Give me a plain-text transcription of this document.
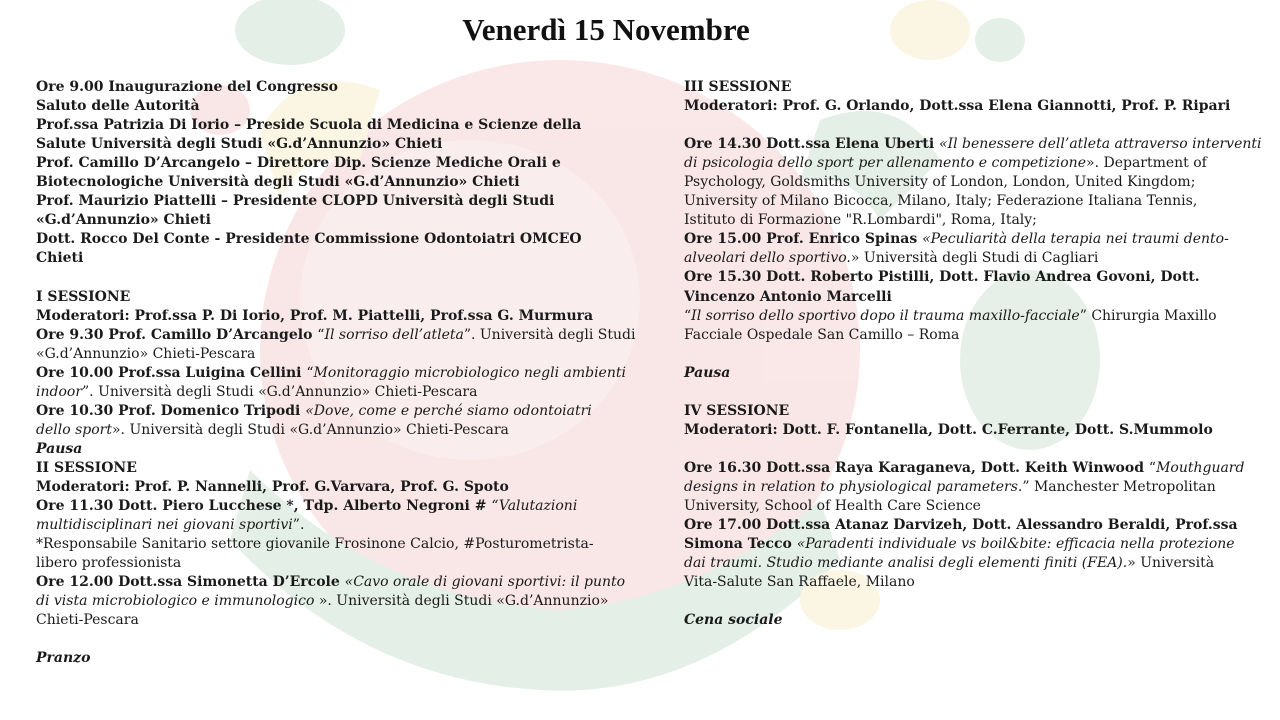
Venerdì 15 Novembre
Ore 9.00 Inaugurazione del Congresso
Saluto delle Autorità
Prof.ssa Patrizia Di Iorio – Preside Scuola di Medicina e Scienze della
Salute Università degli Studi «G.d’Annunzio» Chieti
Prof. Camillo D’Arcangelo – Direttore Dip. Scienze Mediche Orali e
Biotecnologiche Università degli Studi «G.d’Annunzio» Chieti
Prof. Maurizio Piattelli – Presidente CLOPD Università degli Studi
«G.d’Annunzio» Chieti
Dott. Rocco Del Conte - Presidente Commissione Odontoiatri OMCEO
Chieti
I SESSIONE
Moderatori: Prof.ssa P. Di Iorio, Prof. M. Piattelli, Prof.ssa G. Murmura
Ore 9.30 Prof. Camillo D’Arcangelo “Il sorriso dell’atleta”. Università degli Studi
«G.d’Annunzio» Chieti-Pescara
Ore 10.00 Prof.ssa Luigina Cellini “Monitoraggio microbiologico negli ambienti
indoor”. Università degli Studi «G.d’Annunzio» Chieti-Pescara
Ore 10.30 Prof. Domenico Tripodi «Dove, come e perché siamo odontoiatri
dello sport». Università degli Studi «G.d’Annunzio» Chieti-Pescara
Pausa
II SESSIONE
Moderatori: Prof. P. Nannelli, Prof. G.Varvara, Prof. G. Spoto
Ore 11.30 Dott. Piero Lucchese *, Tdp. Alberto Negroni # “Valutazioni
multidisciplinari nei giovani sportivi”.
*Responsabile Sanitario settore giovanile Frosinone Calcio, #Posturometrista-
libero professionista
Ore 12.00 Dott.ssa Simonetta D’Ercole «Cavo orale di giovani sportivi: il punto
di vista microbiologico e immunologico ». Università degli Studi «G.d’Annunzio»
Chieti-Pescara
Pranzo
III SESSIONE
Moderatori: Prof. G. Orlando, Dott.ssa Elena Giannotti, Prof. P. Ripari
Ore 14.30 Dott.ssa Elena Uberti «Il benessere dell’atleta attraverso interventi
di psicologia dello sport per allenamento e competizione». Department of
Psychology, Goldsmiths University of London, London, United Kingdom;
University of Milano Bicocca, Milano, Italy; Federazione Italiana Tennis,
Istituto di Formazione "R.Lombardi", Roma, Italy;
Ore 15.00 Prof. Enrico Spinas «Peculiarità della terapia nei traumi dento-
alveolari dello sportivo.» Università degli Studi di Cagliari
Ore 15.30 Dott. Roberto Pistilli, Dott. Flavio Andrea Govoni, Dott.
Vincenzo Antonio Marcelli
“Il sorriso dello sportivo dopo il trauma maxillo-facciale” Chirurgia Maxillo
Facciale Ospedale San Camillo – Roma
Pausa
IV SESSIONE
Moderatori: Dott. F. Fontanella, Dott. C.Ferrante, Dott. S.Mummolo
Ore 16.30 Dott.ssa Raya Karaganeva, Dott. Keith Winwood “Mouthguard
designs in relation to physiological parameters.” Manchester Metropolitan
University, School of Health Care Science
Ore 17.00 Dott.ssa Atanaz Darvizeh, Dott. Alessandro Beraldi, Prof.ssa
Simona Tecco «Paradenti individuale vs boil&bite: efficacia nella protezione
dai traumi. Studio mediante analisi degli elementi finiti (FEA).» Università
Vita-Salute San Raffaele, Milano
Cena sociale
